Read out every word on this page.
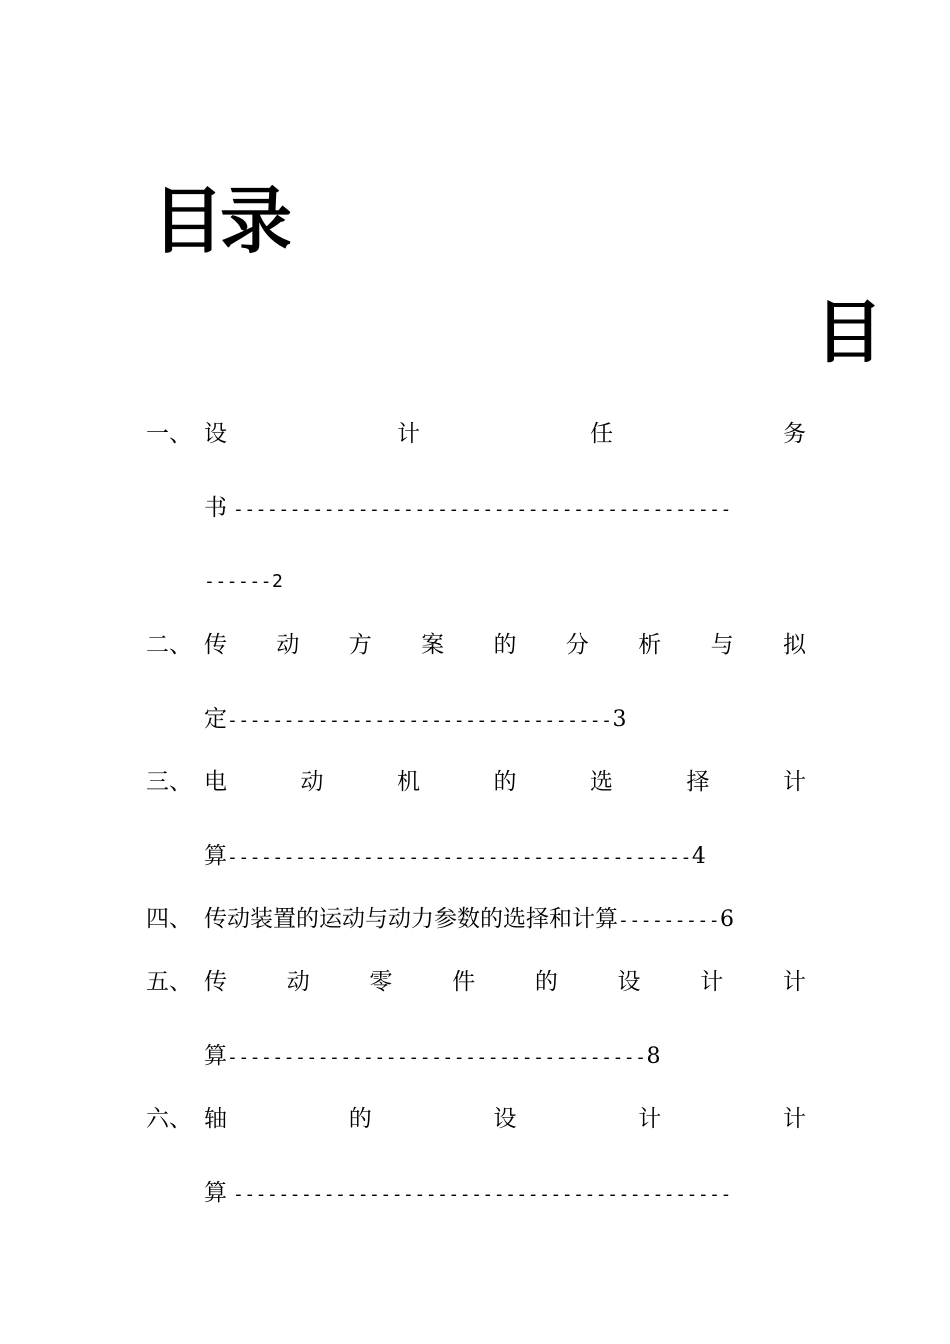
目录
目
一、 设	计	任	务
书 --------------------------------------------
------2
二、 传 动 方 案 的 分 析 与 拟
定 ---------------------------------- 3
三、 电	动	机	的	选	择	计
算 ----------------------------------------- 4
四、 传动装置的运动与动力参数的选择和计算 --------- 6
五、 传	动	零	件	的	设	计	计
算 ------------------------------------- 8
六、 轴	的	设	计	计
算 --------------------------------------------
